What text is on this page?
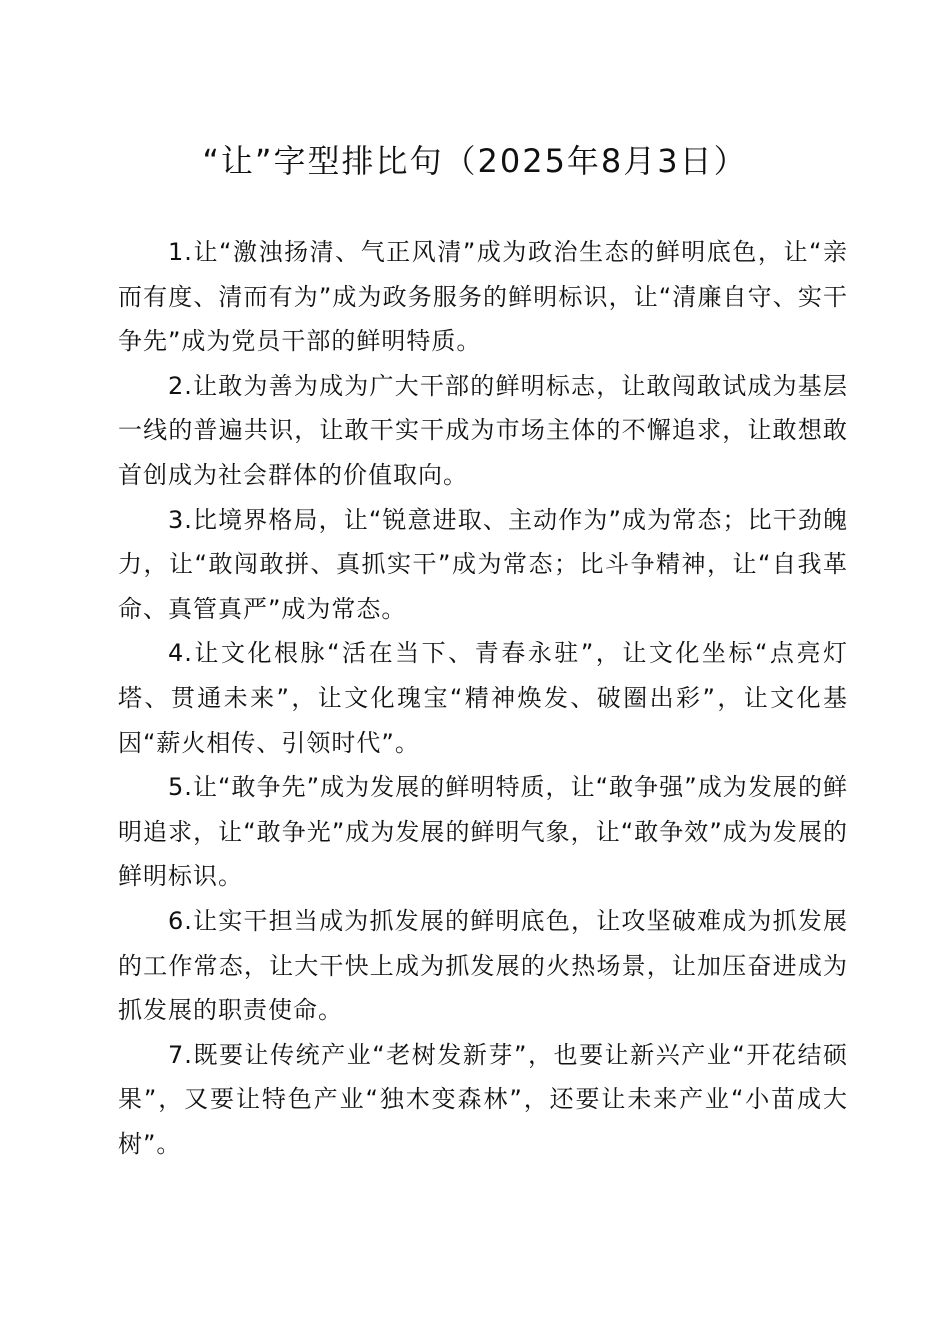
“让”字型排比句（2025年8月3日）

1.让“激浊扬清、气正风清”成为政治生态的鲜明底色，让“亲而有度、清而有为”成为政务服务的鲜明标识，让“清廉自守、实干争先”成为党员干部的鲜明特质。

2.让敢为善为成为广大干部的鲜明标志，让敢闯敢试成为基层一线的普遍共识，让敢干实干成为市场主体的不懈追求，让敢想敢首创成为社会群体的价值取向。

3.比境界格局，让“锐意进取、主动作为”成为常态；比干劲魄力，让“敢闯敢拼、真抓实干”成为常态；比斗争精神，让“自我革命、真管真严”成为常态。

4.让文化根脉“活在当下、青春永驻”，让文化坐标“点亮灯塔、贯通未来”，让文化瑰宝“精神焕发、破圈出彩”，让文化基因“薪火相传、引领时代”。

5.让“敢争先”成为发展的鲜明特质，让“敢争强”成为发展的鲜明追求，让“敢争光”成为发展的鲜明气象，让“敢争效”成为发展的鲜明标识。

6.让实干担当成为抓发展的鲜明底色，让攻坚破难成为抓发展的工作常态，让大干快上成为抓发展的火热场景，让加压奋进成为抓发展的职责使命。

7.既要让传统产业“老树发新芽”，也要让新兴产业“开花结硕果”，又要让特色产业“独木变森林”，还要让未来产业“小苗成大树”。
